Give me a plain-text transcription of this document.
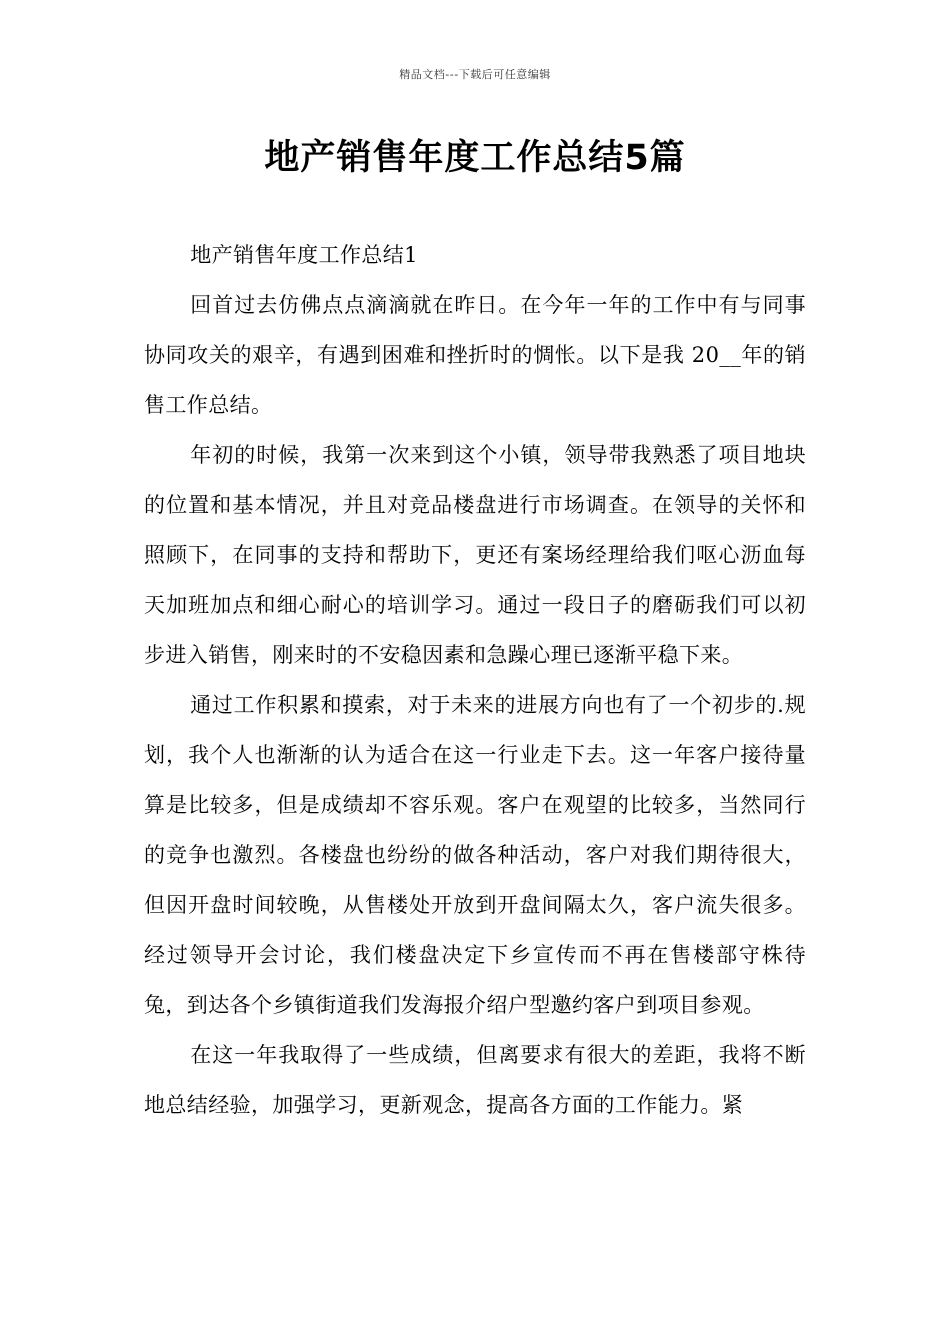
精品文档---下载后可任意编辑
地产销售年度工作总结5篇

地产销售年度工作总结1

回首过去仿佛点点滴滴就在昨日。在今年一年的工作中有与同事协同攻关的艰辛，有遇到困难和挫折时的惆怅。以下是我 20__年的销售工作总结。

年初的时候，我第一次来到这个小镇，领导带我熟悉了项目地块的位置和基本情况，并且对竞品楼盘进行市场调查。在领导的关怀和照顾下，在同事的支持和帮助下，更还有案场经理给我们呕心沥血每天加班加点和细心耐心的培训学习。通过一段日子的磨砺我们可以初步进入销售，刚来时的不安稳因素和急躁心理已逐渐平稳下来。

通过工作积累和摸索，对于未来的进展方向也有了一个初步的.规划，我个人也渐渐的认为适合在这一行业走下去。这一年客户接待量算是比较多，但是成绩却不容乐观。客户在观望的比较多，当然同行的竞争也激烈。各楼盘也纷纷的做各种活动，客户对我们期待很大，但因开盘时间较晚，从售楼处开放到开盘间隔太久，客户流失很多。经过领导开会讨论，我们楼盘决定下乡宣传而不再在售楼部守株待兔，到达各个乡镇街道我们发海报介绍户型邀约客户到项目参观。

在这一年我取得了一些成绩，但离要求有很大的差距，我将不断地总结经验，加强学习，更新观念，提高各方面的工作能力。紧
